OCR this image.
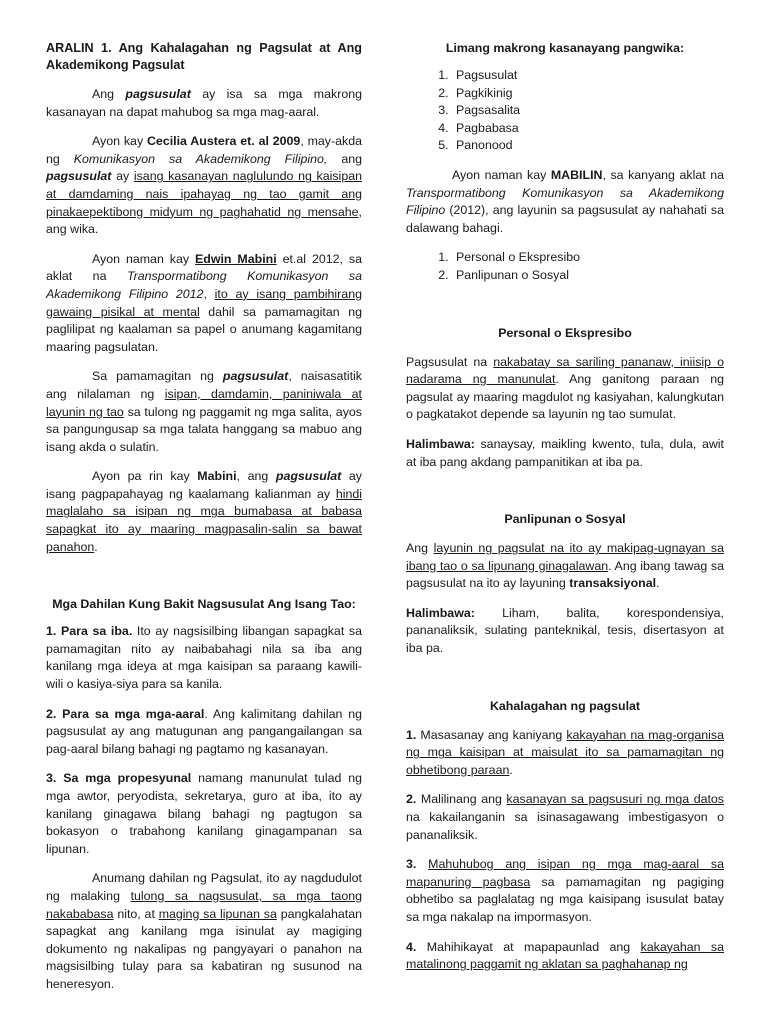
ARALIN 1. Ang Kahalagahan ng Pagsulat at Ang Akademikong Pagsulat

Ang pagsusulat ay isa sa mga makrong kasanayan na dapat mahubog sa mga mag-aaral.

Ayon kay Cecilia Austera et. al 2009, may-akda ng Komunikasyon sa Akademikong Filipino, ang pagsusulat ay isang kasanayan naglulundo ng kaisipan at damdaming nais ipahayag ng tao gamit ang pinakaepektibong midyum ng paghahatid ng mensahe, ang wika.

Ayon naman kay Edwin Mabini et.al 2012, sa aklat na Transpormatibong Komunikasyon sa Akademikong Filipino 2012, ito ay isang pambihirang gawaing pisikal at mental dahil sa pamamagitan ng paglilipat ng kaalaman sa papel o anumang kagamitang maaring pagsulatan.

Sa pamamagitan ng pagsusulat, naisasatitik ang nilalaman ng isipan, damdamin, paniniwala at layunin ng tao sa tulong ng paggamit ng mga salita, ayos sa pangungusap sa mga talata hanggang sa mabuo ang isang akda o sulatin.

Ayon pa rin kay Mabini, ang pagsusulat ay isang pagpapahayag ng kaalamang kalianman ay hindi maglalaho sa isipan ng mga bumabasa at babasa sapagkat ito ay maaring magpasalin-salin sa bawat panahon.

Mga Dahilan Kung Bakit Nagsusulat Ang Isang Tao:

1. Para sa iba. Ito ay nagsisilbing libangan sapagkat sa pamamagitan nito ay naibabahagi nila sa iba ang kanilang mga ideya at mga kaisipan sa paraang kawili-wili o kasiya-siya para sa kanila.

2. Para sa mga mga-aaral. Ang kalimitang dahilan ng pagsusulat ay ang matugunan ang pangangailangan sa pag-aaral bilang bahagi ng pagtamo ng kasanayan.

3. Sa mga propesyunal namang manunulat tulad ng mga awtor, peryodista, sekretarya, guro at iba, ito ay kanilang ginagawa bilang bahagi ng pagtugon sa bokasyon o trabahong kanilang ginagampanan sa lipunan.

Anumang dahilan ng Pagsulat, ito ay nagdudulot ng malaking tulong sa nagsusulat, sa mga taong nakababasa nito, at maging sa lipunan sa pangkalahatan sapagkat ang kanilang mga isinulat ay magiging dokumento ng nakalipas ng pangyayari o panahon na magsisilbing tulay para sa kabatiran ng susunod na heneresyon.

Limang makrong kasanayang pangwika:
1. Pagsusulat
2. Pagkikinig
3. Pagsasalita
4. Pagbabasa
5. Panonood

Ayon naman kay MABILIN, sa kanyang aklat na Transpormatibong Komunikasyon sa Akademikong Filipino (2012), ang layunin sa pagsusulat ay nahahati sa dalawang bahagi.

1. Personal o Ekspresibo
2. Panlipunan o Sosyal
Personal o Ekspresibo

Pagsusulat na nakabatay sa sariling pananaw, iniisip o nadarama ng manunulat. Ang ganitong paraan ng pagsulat ay maaring magdulot ng kasiyahan, kalungkutan o pagkatakot depende sa layunin ng tao sumulat.

Halimbawa: sanaysay, maikling kwento, tula, dula, awit at iba pang akdang pampanitikan at iba pa.

Panlipunan o Sosyal

Ang layunin ng pagsulat na ito ay makipag-ugnayan sa ibang tao o sa lipunang ginagalawan. Ang ibang tawag sa pagsusulat na ito ay layuning transaksiyonal.

Halimbawa: Liham, balita, korespondensiya, pananaliksik, sulating panteknikal, tesis, disertasyon at iba pa.

Kahalagahan ng pagsulat

1. Masasanay ang kaniyang kakayahan na mag-organisa ng mga kaisipan at maisulat ito sa pamamagitan ng obhetibong paraan.

2. Malilinang ang kasanayan sa pagsusuri ng mga datos na kakailanganin sa isinasagawang imbestigasyon o pananaliksik.

3. Mahuhubog ang isipan ng mga mag-aaral sa mapanuring pagbasa sa pamamagitan ng pagiging obhetibo sa paglalatag ng mga kaisipang isusulat batay sa mga nakalap na impormasyon.

4. Mahihikayat at mapapaunlad ang kakayahan sa matalinong paggamit ng aklatan sa paghahanap ng
